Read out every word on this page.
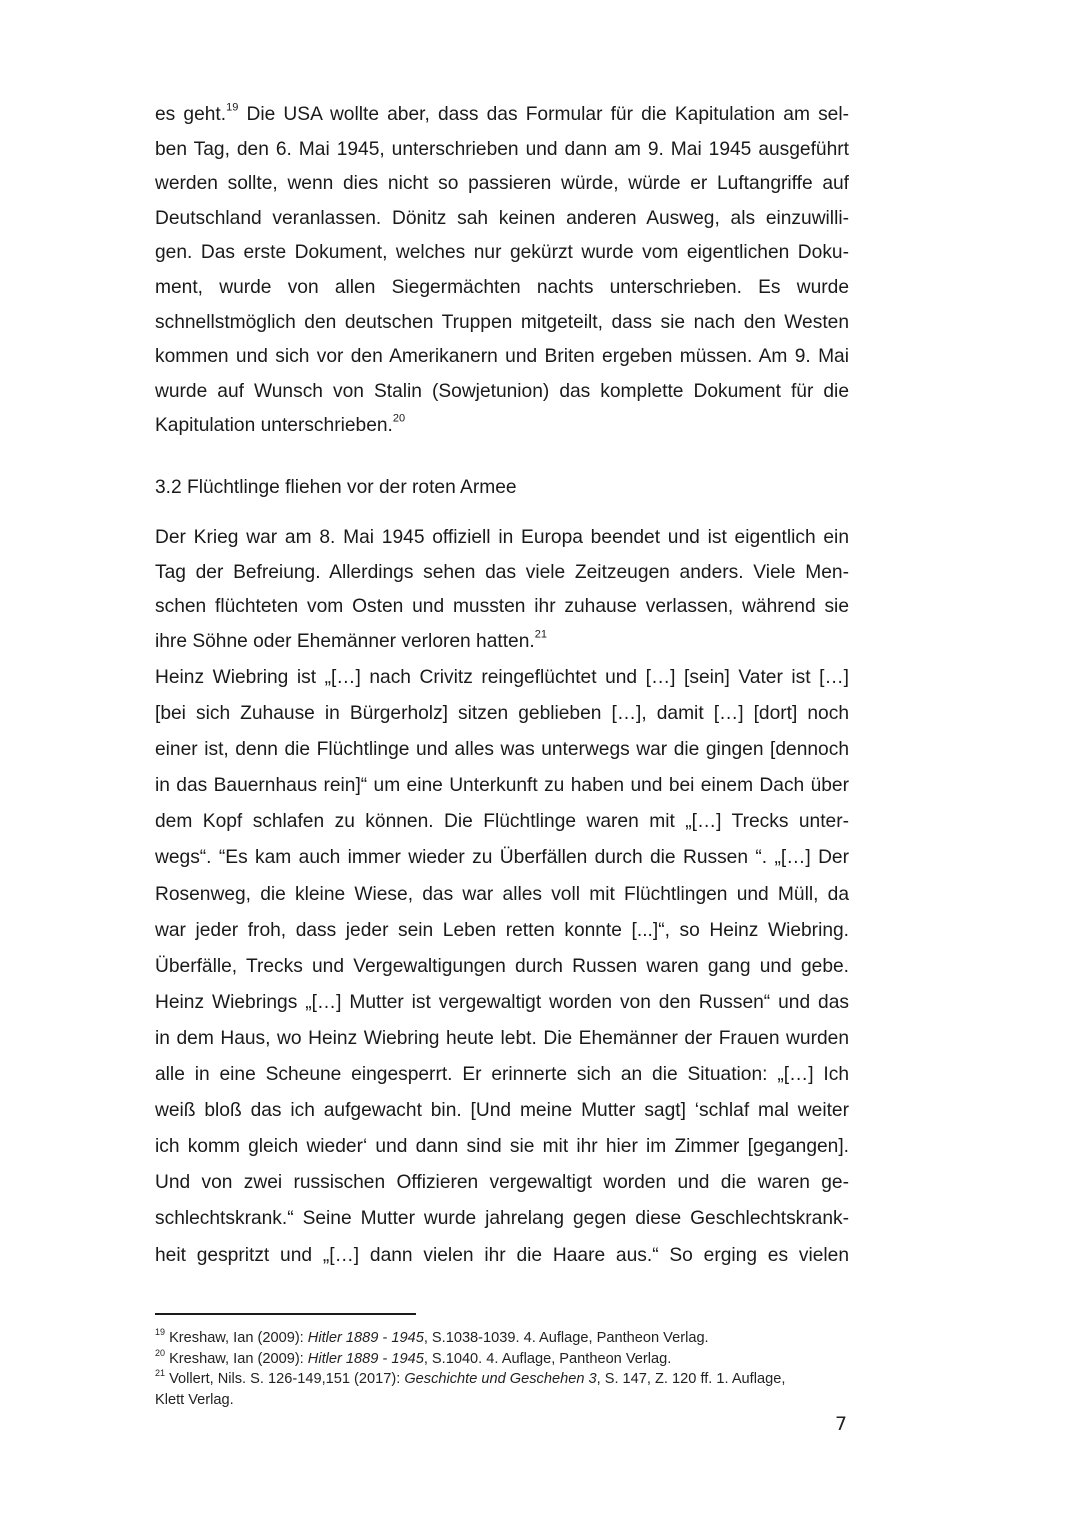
es geht.$^{19}$ Die USA wollte aber, dass das Formular für die Kapitulation am sel-
ben Tag, den 6. Mai 1945, unterschrieben und dann am 9. Mai 1945 ausgeführt
werden sollte, wenn dies nicht so passieren würde, würde er Luftangriffe auf
Deutschland veranlassen. Dönitz sah keinen anderen Ausweg, als einzuwilli-
gen. Das erste Dokument, welches nur gekürzt wurde vom eigentlichen Doku-
ment, wurde von allen Siegermächten nachts unterschrieben. Es wurde
schnellstmöglich den deutschen Truppen mitgeteilt, dass sie nach den Westen
kommen und sich vor den Amerikanern und Briten ergeben müssen. Am 9. Mai
wurde auf Wunsch von Stalin (Sowjetunion) das komplette Dokument für die
Kapitulation unterschrieben.$^{20}$
3.2 Flüchtlinge fliehen vor der roten Armee
Der Krieg war am 8. Mai 1945 offiziell in Europa beendet und ist eigentlich ein
Tag der Befreiung. Allerdings sehen das viele Zeitzeugen anders. Viele Men-
schen flüchteten vom Osten und mussten ihr zuhause verlassen, während sie
ihre Söhne oder Ehemänner verloren hatten.$^{21}$
Heinz Wiebring ist „[…] nach Crivitz reingeflüchtet und […] [sein] Vater ist […]
[bei sich Zuhause in Bürgerholz] sitzen geblieben […], damit […] [dort] noch
einer ist, denn die Flüchtlinge und alles was unterwegs war die gingen [dennoch
in das Bauernhaus rein]“ um eine Unterkunft zu haben und bei einem Dach über
dem Kopf schlafen zu können. Die Flüchtlinge waren mit „[…] Trecks unter-
wegs“. “Es kam auch immer wieder zu Überfällen durch die Russen “. „[…] Der
Rosenweg, die kleine Wiese, das war alles voll mit Flüchtlingen und Müll, da
war jeder froh, dass jeder sein Leben retten konnte [...]“, so Heinz Wiebring.
Überfälle, Trecks und Vergewaltigungen durch Russen waren gang und gebe.
Heinz Wiebrings „[…] Mutter ist vergewaltigt worden von den Russen“ und das
in dem Haus, wo Heinz Wiebring heute lebt. Die Ehemänner der Frauen wurden
alle in eine Scheune eingesperrt. Er erinnerte sich an die Situation: „[…] Ich
weiß bloß das ich aufgewacht bin. [Und meine Mutter sagt] ‘schlaf mal weiter
ich komm gleich wieder‘ und dann sind sie mit ihr hier im Zimmer [gegangen].
Und von zwei russischen Offizieren vergewaltigt worden und die waren ge-
schlechtskrank.“ Seine Mutter wurde jahrelang gegen diese Geschlechtskrank-
heit gespritzt und „[…] dann vielen ihr die Haare aus.“ So erging es vielen

$^{19}$ Kreshaw, Ian (2009): Hitler 1889 - 1945, S.1038-1039. 4. Auflage, Pantheon Verlag.

$^{20}$ Kreshaw, Ian (2009): Hitler 1889 - 1945, S.1040. 4. Auflage, Pantheon Verlag.

$^{21}$ Vollert, Nils. S. 126-149,151 (2017): Geschichte und Geschehen 3, S. 147, Z. 120 ff. 1. Auflage,
Klett Verlag.

7
